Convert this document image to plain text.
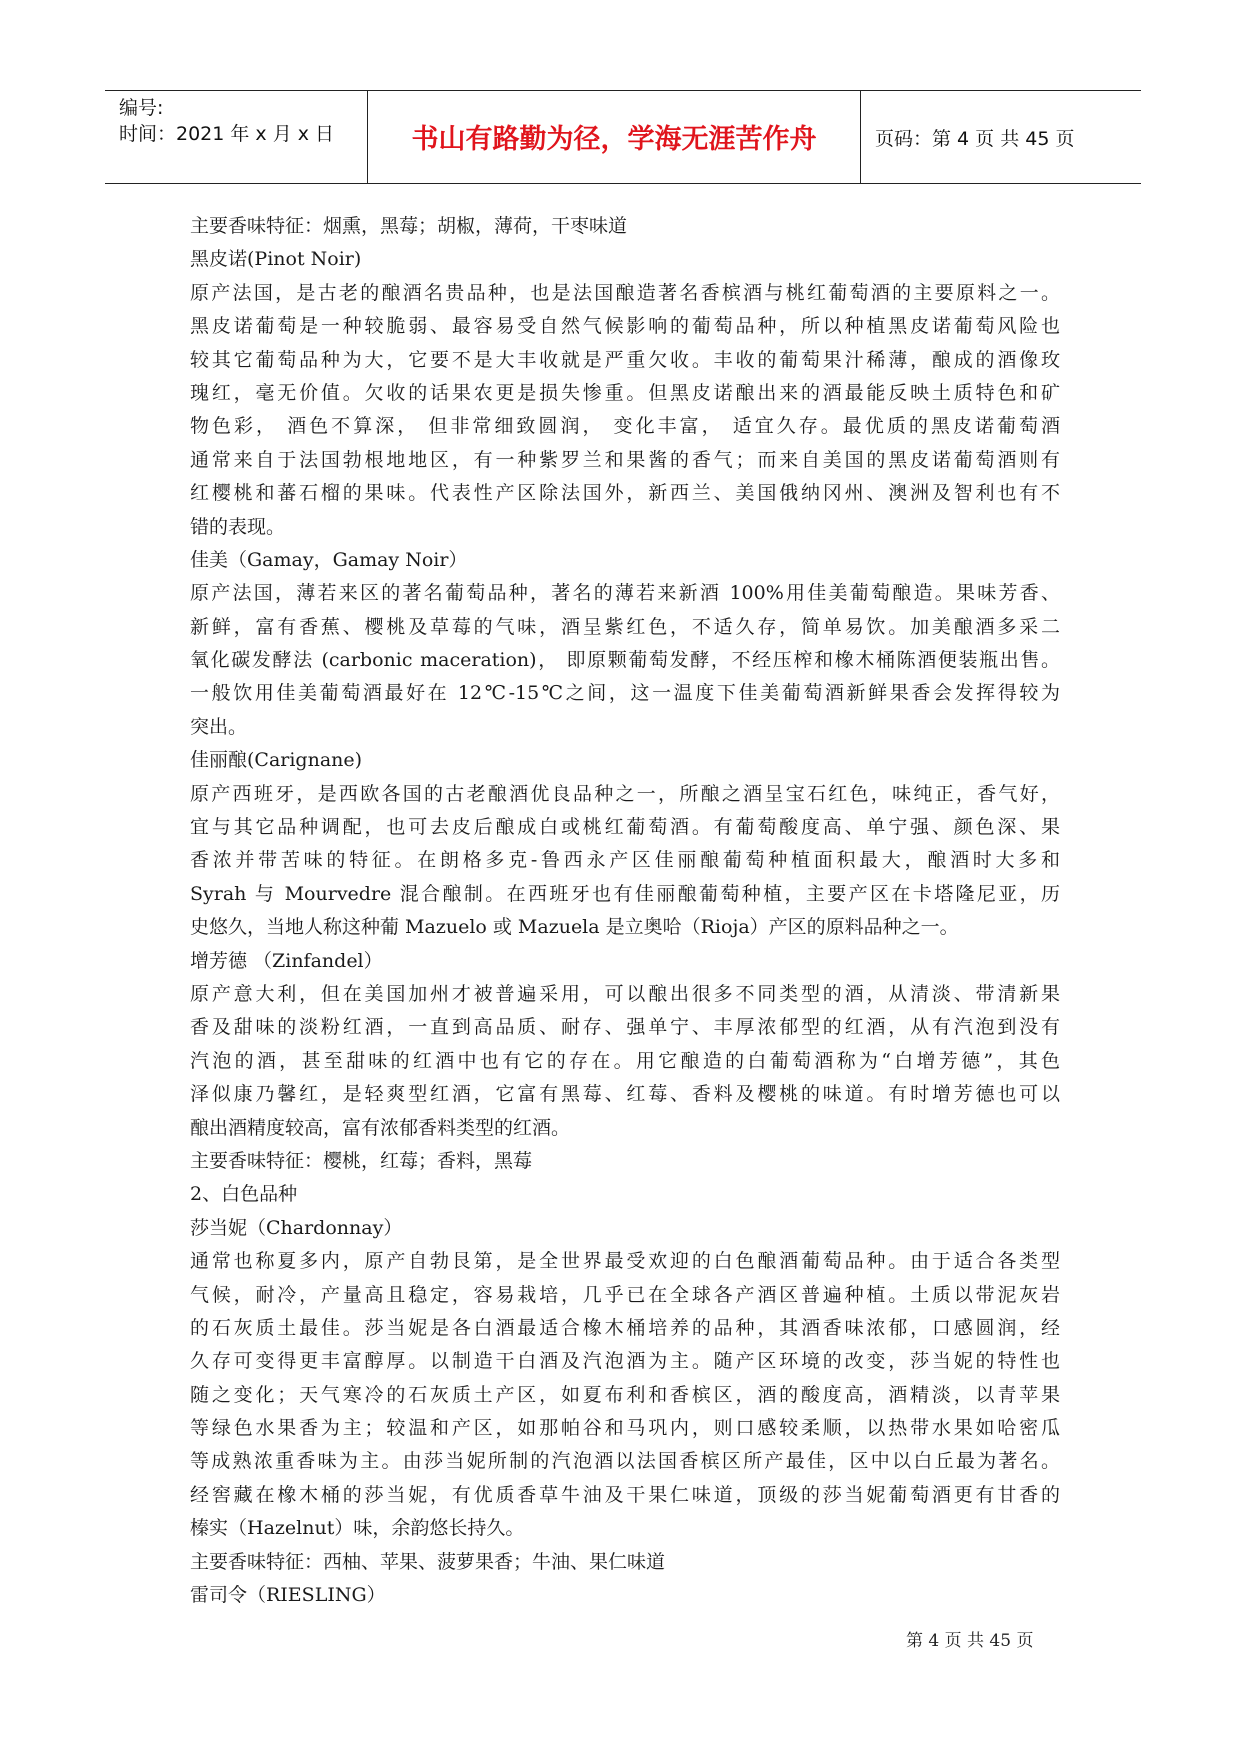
编号:
时间：2021 年 x 月 x 日	书山有路勤为径，学海无涯苦作舟	页码：第 4 页 共 45 页
主要香味特征：烟熏，黑莓；胡椒，薄荷，干枣味道
黑皮诺(Pinot Noir)
原产法国，是古老的酿酒名贵品种，也是法国酿造著名香槟酒与桃红葡萄酒的主要原料之一。
黑皮诺葡萄是一种较脆弱、最容易受自然气候影响的葡萄品种，所以种植黑皮诺葡萄风险也
较其它葡萄品种为大，它要不是大丰收就是严重欠收。丰收的葡萄果汁稀薄，酿成的酒像玫
瑰红，毫无价值。欠收的话果农更是损失惨重。但黑皮诺酿出来的酒最能反映土质特色和矿
物色彩， 酒色不算深， 但非常细致圆润， 变化丰富， 适宜久存。最优质的黑皮诺葡萄酒
通常来自于法国勃根地地区，有一种紫罗兰和果酱的香气；而来自美国的黑皮诺葡萄酒则有
红樱桃和蕃石榴的果味。代表性产区除法国外，新西兰、美国俄纳冈州、澳洲及智利也有不
错的表现。
佳美（Gamay，Gamay Noir）
原产法国，薄若来区的著名葡萄品种，著名的薄若来新酒 100%用佳美葡萄酿造。果味芳香、
新鲜，富有香蕉、樱桃及草莓的气味，酒呈紫红色，不适久存，简单易饮。加美酿酒多采二
氧化碳发酵法 (carbonic maceration)， 即原颗葡萄发酵，不经压榨和橡木桶陈酒便装瓶出售。
一般饮用佳美葡萄酒最好在 12℃-15℃之间，这一温度下佳美葡萄酒新鲜果香会发挥得较为
突出。
佳丽酿(Carignane)
原产西班牙，是西欧各国的古老酿酒优良品种之一，所酿之酒呈宝石红色，味纯正，香气好，
宜与其它品种调配，也可去皮后酿成白或桃红葡萄酒。有葡萄酸度高、单宁强、颜色深、果
香浓并带苦味的特征。在朗格多克-鲁西永产区佳丽酿葡萄种植面积最大，酿酒时大多和
Syrah 与 Mourvedre 混合酿制。在西班牙也有佳丽酿葡萄种植，主要产区在卡塔隆尼亚，历
史悠久，当地人称这种葡 Mazuelo 或 Mazuela 是立奥哈（Rioja）产区的原料品种之一。
增芳德 （Zinfandel）
原产意大利，但在美国加州才被普遍采用，可以酿出很多不同类型的酒，从清淡、带清新果
香及甜味的淡粉红酒，一直到高品质、耐存、强单宁、丰厚浓郁型的红酒，从有汽泡到没有
汽泡的酒，甚至甜味的红酒中也有它的存在。用它酿造的白葡萄酒称为“白增芳德”，其色
泽似康乃馨红，是轻爽型红酒，它富有黑莓、红莓、香料及樱桃的味道。有时增芳德也可以
酿出酒精度较高，富有浓郁香料类型的红酒。
主要香味特征：樱桃，红莓；香料，黑莓
2、白色品种
莎当妮（Chardonnay）
通常也称夏多内，原产自勃艮第，是全世界最受欢迎的白色酿酒葡萄品种。由于适合各类型
气候，耐冷，产量高且稳定，容易栽培，几乎已在全球各产酒区普遍种植。土质以带泥灰岩
的石灰质土最佳。莎当妮是各白酒最适合橡木桶培养的品种，其酒香味浓郁，口感圆润，经
久存可变得更丰富醇厚。以制造干白酒及汽泡酒为主。随产区环境的改变，莎当妮的特性也
随之变化；天气寒冷的石灰质土产区，如夏布利和香槟区，酒的酸度高，酒精淡，以青苹果
等绿色水果香为主；较温和产区，如那帕谷和马巩内，则口感较柔顺，以热带水果如哈密瓜
等成熟浓重香味为主。由莎当妮所制的汽泡酒以法国香槟区所产最佳，区中以白丘最为著名。
经窖藏在橡木桶的莎当妮，有优质香草牛油及干果仁味道，顶级的莎当妮葡萄酒更有甘香的
榛实（Hazelnut）味，余韵悠长持久。
主要香味特征：西柚、苹果、菠萝果香；牛油、果仁味道
雷司令（RIESLING）
第 4 页 共 45 页
